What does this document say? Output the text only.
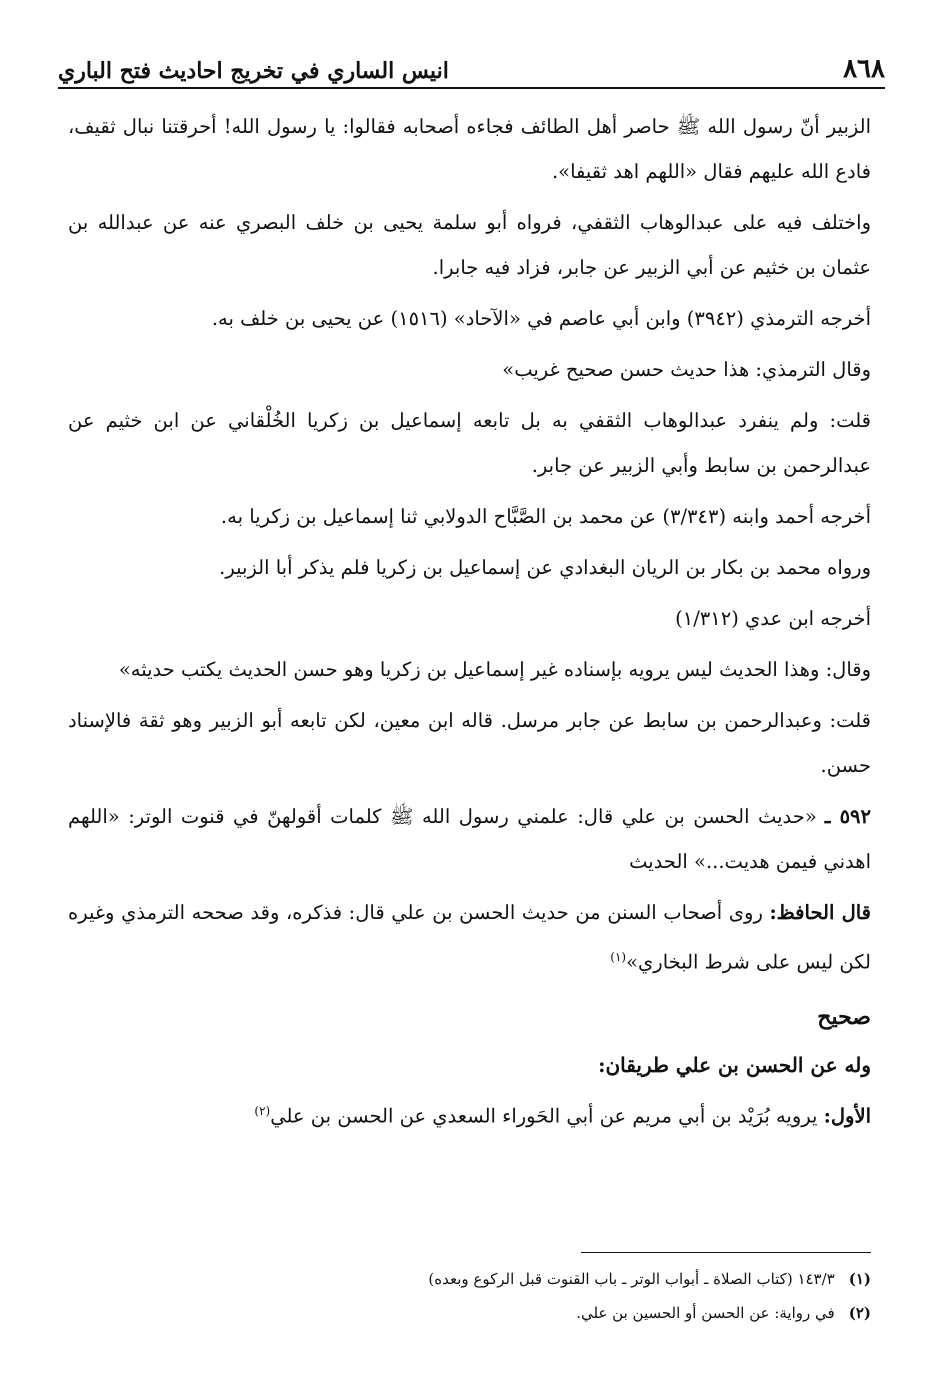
٨٦٨
انيس الساري في تخريج احاديث فتح الباري

الزبير أنّ رسول الله ﷺ حاصر أهل الطائف فجاءه أصحابه فقالوا: يا رسول الله! أحرقتنا نبال ثقيف، فادع الله عليهم فقال «اللهم اهد ثقيفا».

واختلف فيه على عبدالوهاب الثقفي، فرواه أبو سلمة يحيى بن خلف البصري عنه عن عبدالله بن عثمان بن خثيم عن أبي الزبير عن جابر، فزاد فيه جابرا.

أخرجه الترمذي (٣٩٤٢) وابن أبي عاصم في «الآحاد» (١٥١٦) عن يحيى بن خلف به.

وقال الترمذي: هذا حديث حسن صحيح غريب»

قلت: ولم ينفرد عبدالوهاب الثقفي به بل تابعه إسماعيل بن زكريا الخُلْقاني عن ابن خثيم عن عبدالرحمن بن سابط وأبي الزبير عن جابر.

أخرجه أحمد وابنه (٣/٣٤٣) عن محمد بن الصَّبَّاح الدولابي ثنا إسماعيل بن زكريا به.

ورواه محمد بن بكار بن الريان البغدادي عن إسماعيل بن زكريا فلم يذكر أبا الزبير.

أخرجه ابن عدي (١/٣١٢)

وقال: وهذا الحديث ليس يرويه بإسناده غير إسماعيل بن زكريا وهو حسن الحديث يكتب حديثه»

قلت: وعبدالرحمن بن سابط عن جابر مرسل. قاله ابن معين، لكن تابعه أبو الزبير وهو ثقة فالإسناد حسن.

٥٩٢ ـ«حديث الحسن بن علي قال: علمني رسول الله ﷺ كلمات أقولهنّ في قنوت الوتر: «اللهم اهدني فيمن هديت...» الحديث

قال الحافظ: روى أصحاب السنن من حديث الحسن بن علي قال: فذكره، وقد صححه الترمذي وغيره لكن ليس على شرط البخاري»$^{(١)}$

صحيح

وله عن الحسن بن علي طريقان:

الأول: يرويه بُرَيْد بن أبي مريم عن أبي الحَوراء السعدي عن الحسن بن علي$^{(٢)}$

(١)١٤٣/٣ (كتاب الصلاة ـ أبواب الوتر ـ باب القنوت قبل الركوع وبعده)
(٢)في رواية: عن الحسن أو الحسين بن علي.
